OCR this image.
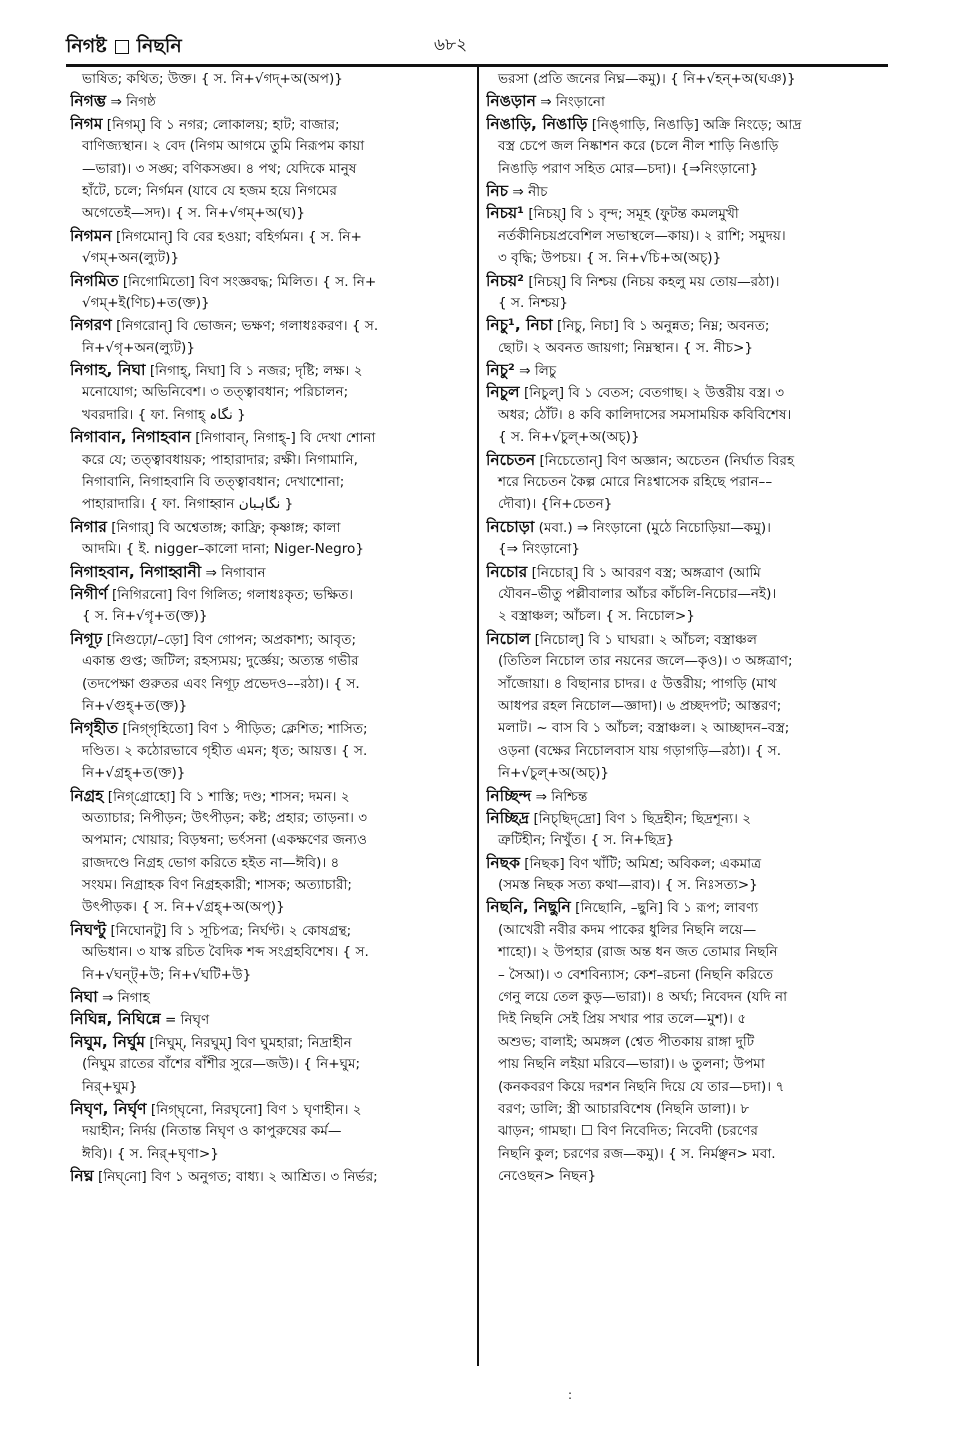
নিগষ্ট নিছনি	৬৮২
ভাষিত; কথিত; উক্ত। { স. নি+√গদ্+অ(অপ)}
নিগম্ভ ⇒ নিগষ্ঠ
নিগম [নিগম্] বি ১ নগর; লোকালয়; হাট; বাজার;
বাণিজ্যস্থান। ২ বেদ (নিগম আগমে তুমি নিরূপম কায়া
—ভারা)। ৩ সঙ্ঘ; বণিকসঙ্ঘ। ৪ পথ; যেদিকে মানুষ
হাঁটে, চলে; নির্গমন (যাবে যে হজম হয়ে নিগমের
অগেতেই—সদ)। { স. নি+√গম্+অ(ঘ)}
নিগমন [নিগমোন্] বি বের হওয়া; বহির্গমন। { স. নি+
√গম্+অন(ল্যুট)}
নিগমিত [নিগোমিতো] বিণ সংজ্ঞবদ্ধ; মিলিত। { স. নি+
√গম্+ই(ণিচ)+ত(ক্ত)}
নিগরণ [নিগরোন্] বি ভোজন; ভক্ষণ; গলাধঃকরণ। { স.
নি+√গৃ+অন(ল্যুট)}
নিগাহ, নিঘা [নিগাহ্, নিঘা] বি ১ নজর; দৃষ্টি; লক্ষ। ২
মনোযোগ; অভিনিবেশ। ৩ তত্ত্বাবধান; পরিচালন;
খবরদারি। { ফা. নিগাহ্ نگاہ }
নিগাবান, নিগাহবান [নিগাবান্, নিগাহ্-] বি দেখা শোনা
করে যে; তত্ত্বাবধায়ক; পাহারাদার; রক্ষী। নিগামানি,
নিগাবানি, নিগাহবানি বি তত্ত্বাবধান; দেখাশোনা;
পাহারাদারি। { ফা. নিগাহ্বান نگاہبان }
নিগার [নিগার্] বি অশ্বেতাঙ্গ; কাফ্রি; কৃষ্ণাঙ্গ; কালা
আদমি। { ই. nigger–কালো দানা; Niger-Negro}
নিগাহবান, নিগাহ্বানী ⇒ নিগাবান
নিগীর্ণ [নিগিরনো] বিণ গিলিত; গলাধঃকৃত; ভক্ষিত।
{ স. নি+√গৄ+ত(ক্ত)}
নিগূঢ় [নিগুঢ়ো/–ড়ো] বিণ গোপন; অপ্রকাশ্য; আবৃত;
একান্ত গুপ্ত; জটিল; রহস্যময়; দুর্জ্ঞেয়; অত্যন্ত গভীর
(তদপেক্ষা গুরুতর এবং নিগূঢ় প্রভেদও––রঠা)। { স.
নি+√গুহ্+ত(ক্ত)}
নিগৃহীত [নিগ্‌গৃহিতো] বিণ ১ পীড়িত; ক্লেশিত; শাসিত;
দণ্ডিত। ২ কঠোরভাবে গৃহীত এমন; ধৃত; আয়ত্ত। { স.
নি+√গ্রহ্+ত(ক্ত)}
নিগ্রহ [নিগ্‌গ্রোহো] বি ১ শাস্তি; দণ্ড; শাসন; দমন। ২
অত্যাচার; নিপীড়ন; উৎপীড়ন; কষ্ট; প্রহার; তাড়না। ৩
অপমান; খোয়ার; বিড়ম্বনা; ভর্ৎসনা (একক্ষণের জন্যও
রাজদণ্ডে নিগ্রহ ভোগ করিতে হইত না—ঈবি)। ৪
সংযম। নিগ্রাহক বিণ নিগ্রহকারী; শাসক; অত্যাচারী;
উৎপীড়ক। { স. নি+√গ্রহ্+অ(অপ্)}
নিঘণ্টু [নিঘোনটু] বি ১ সূচিপত্র; নির্ঘণ্ট। ২ কোষগ্রন্থ;
অভিধান। ৩ যাস্ক রচিত বৈদিক শব্দ সংগ্রহবিশেষ। { স.
নি+√ঘন্ট্+উ; নি+√ঘটি+উ}
নিঘা ⇒ নিগাহ
নিঘিন্ন, নিঘিন্নে = নিঘৃণ
নিঘুম, নির্ঘুম [নিঘুম্, নিরঘুম্] বিণ ঘুমহারা; নিদ্রাহীন
(নিঘুম রাতের বাঁশের বাঁশীর সুরে—জউ)। { নি+ঘুম;
নির্+ঘুম}
নিঘৃণ, নির্ঘৃণ [নিগ্‌ঘৃনো, নিরঘৃনো] বিণ ১ ঘৃণাহীন। ২
দয়াহীন; নির্দয় (নিতান্ত নিঘৃণ ও কাপুরুষের কর্ম—
ঈবি)। { স. নির্+ঘৃণা>}
নিঘ্ন [নিঘ্‌নো] বিণ ১ অনুগত; বাধ্য। ২ আশ্রিত। ৩ নির্ভর;
ভরসা (প্রতি জনের নিঘ্ন—কমু)। { নি+√হন্+অ(ঘঞ)}
নিঙড়ান ⇒ নিংড়ানো
নিঙাড়ি, নিঙাড়ি [নিঙ্‌গাড়ি, নিঙাড়ি] অক্রি নিংড়ে; আদ্র
বস্ত্র চেপে জল নিষ্কাশন করে (চলে নীল শাড়ি নিঙাড়ি
নিঙাড়ি পরাণ সহিত মোর—চদা)। {⇒নিংড়ানো}
নিচ ⇒ নীচ
নিচয়¹ [নিচয়্] বি ১ বৃন্দ; সমূহ (ফুটন্ত কমলমুখী
নর্তকীনিচয়প্রবেশিল সভাস্থলে—কায়)। ২ রাশি; সমুদয়।
৩ বৃদ্ধি; উপচয়। { স. নি+√চি+অ(অচ্)}
নিচয়² [নিচয়্] বি নিশ্চয় (নিচয় কহলু ময় তোয়—রঠা)।
{ স. নিশ্চয়}
নিচু¹, নিচা [নিচু, নিচা] বি ১ অনুন্নত; নিম্ন; অবনত;
ছোট। ২ অবনত জায়গা; নিম্নস্থান। { স. নীচ>}
নিচু² ⇒ লিচু
নিচুল [নিচুল্] বি ১ বেতস; বেতগাছ। ২ উত্তরীয় বস্ত্র। ৩
অধর; ঠোঁট। ৪ কবি কালিদাসের সমসাময়িক কবিবিশেষ।
{ স. নি+√চুল্+অ(অচ্)}
নিচেতন [নিচেতোন্] বিণ অজ্ঞান; অচেতন (নির্ঘাত বিরহ
শরে নিচেতন কৈল্প মোরে নিঃশ্বাসেক রহিছে পরান––
দৌবা)। {নি+চেতন}
নিচোড়া (মবা.) ⇒ নিংড়ানো (মুঠে নিচোড়িয়া—কমু)।
{⇒ নিংড়ানো}
নিচোর [নিচোর্] বি ১ আবরণ বস্ত্র; অঙ্গত্রাণ (আমি
যৌবন–ভীতু পল্লীবালার আঁচর কাঁচলি-নিচোর—নই)।
২ বস্ত্রাঞ্চল; আঁচল। { স. নিচোল>}
নিচোল [নিচোল্] বি ১ ঘাঘরা। ২ আঁচল; বস্ত্রাঞ্চল
(তিতিল নিচোল তার নয়নের জলে—কৃও)। ৩ অঙ্গত্রাণ;
সাঁজোয়া। ৪ বিছানার চাদর। ৫ উত্তরীয়; পাগড়ি (মাথ
আধপর রহল নিচোল—জ্ঞাদা)। ৬ প্রচ্ছদপট; আস্তরণ;
মলাট। ~ বাস বি ১ আঁচল; বস্ত্রাঞ্চল। ২ আচ্ছাদন–বস্ত্র;
ওড়না (বক্ষের নিচোলবাস যায় গড়াগড়ি—রঠা)। { স.
নি+√চুল্+অ(অচ্)}
নিচ্ছিন্দ ⇒ নিশ্চিন্ত
নিচ্ছিদ্র [নিচ্‌ছিদ্‌দ্রো] বিণ ১ ছিদ্রহীন; ছিদ্রশূন্য। ২
ত্রুটিহীন; নিখুঁত। { স. নি+ছিদ্র}
নিছক [নিছক] বিণ খাঁটি; অমিশ্র; অবিকল; একমাত্র
(সমস্ত নিছক সত্য কথা—রাব)। { স. নিঃসত্য>}
নিছনি, নিছুনি [নিছোনি, –ছুনি] বি ১ রূপ; লাবণ্য
(আখেরী নবীর কদম পাকের ধুলির নিছনি লয়ে—
শাহো)। ২ উপহার (রাজ অন্ত ধন জত তোমার নিছনি
– সৈআ)। ৩ বেশবিন্যাস; কেশ–রচনা (নিছনি করিতে
গেনু লয়ে তেল কুড়—ভারা)। ৪ অর্ঘ্য; নিবেদন (যদি না
দিই নিছনি সেই প্রিয় সখার পার তলে—মুশ)। ৫
অশুভ; বালাই; অমঙ্গল (শ্বেত পীতকায় রাঙ্গা দুটি
পায় নিছনি লইয়া মরিবে—ভারা)। ৬ তুলনা; উপমা
(কনকবরণ কিয়ে দরশন নিছনি দিয়ে যে তার—চদা)। ৭
বরণ; ডালি; স্ত্রী আচারবিশেষ (নিছনি ডালা)। ৮
ঝাড়ন; গামছা। ☐ বিণ নিবেদিত; নিবেদী (চরণের
নিছনি কুল; চরণের রজ—কমু)। { স. নির্মঞ্ছন> মবা.
নেওেছন> নিছন}
:
